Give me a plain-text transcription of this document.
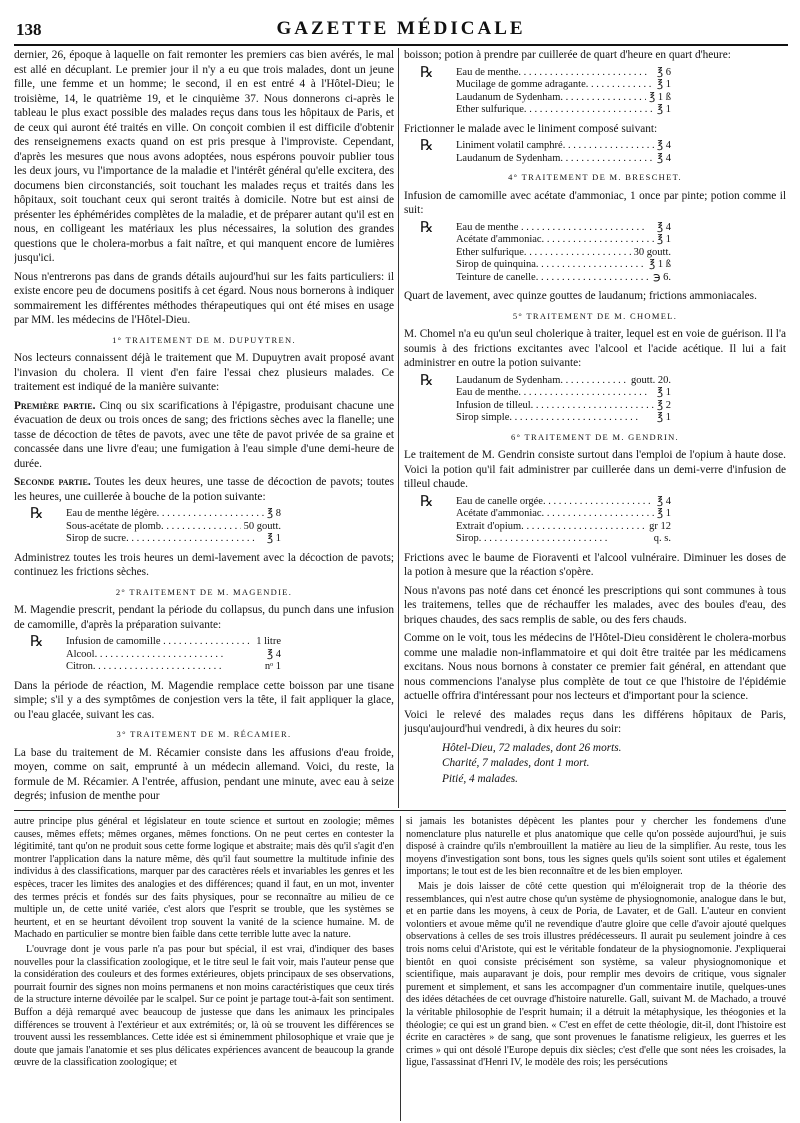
138	GAZETTE MÉDICALE

dernier, 26, époque à laquelle on fait remonter les premiers cas bien avérés, le mal est allé en décuplant. Le premier jour il n'y a eu que trois malades, dont un jeune fille, une femme et un homme; le second, il en est entré 4 à l'Hôtel-Dieu; le troisième, 14, le quatrième 19, et le cinquième 37. Nous donnerons ci-après le tableau le plus exact possible des malades reçus dans tous les hôpitaux de Paris, et de ceux qui auront été traités en ville. On conçoit combien il est difficile d'obtenir des renseignemens exacts quand on est pris presque à l'improviste. Cependant, d'après les mesures que nous avons adoptées, nous espérons pouvoir publier tous les deux jours, vu l'importance de la maladie et l'intérêt général qu'elle excitera, des documens bien circonstanciés, soit touchant les malades reçus et traités dans les hôpitaux, soit touchant ceux qui seront traités à domicile. Notre but est ainsi de présenter les éphémérides complètes de la maladie, et de préparer autant qu'il est en nous, en colligeant les matériaux les plus nécessaires, la solution des grandes questions que le cholera-morbus a fait naître, et qui manquent encore de lumières jusqu'ici.

Nous n'entrerons pas dans de grands détails aujourd'hui sur les faits particuliers: il existe encore peu de documens positifs à cet égard. Nous nous bornerons à indiquer sommairement les différentes méthodes thérapeutiques qui ont été mises en usage par MM. les médecins de l'Hôtel-Dieu.

1° TRAITEMENT DE M. DUPUYTREN.

Nos lecteurs connaissent déjà le traitement que M. Dupuytren avait proposé avant l'invasion du cholera. Il vient d'en faire l'essai chez plusieurs malades. Ce traitement est indiqué de la manière suivante:

Première partie. Cinq ou six scarifications à l'épigastre, produisant chacune une évacuation de deux ou trois onces de sang; des frictions sèches avec la flanelle; une tasse de décoction de têtes de pavots, avec une tête de pavot privée de sa graine et concassée dans une livre d'eau; une fumigation à l'eau simple d'une demi-heure de durée.

Seconde partie. Toutes les deux heures, une tasse de décoction de pavots; toutes les heures, une cuillerée à bouche de la potion suivante:

℞ Eau de menthe légère. . . .	℥ 8
Sous-acétate de plomb. . . .	50 goutt.
Sirop de sucre. . . .	℥ 1

Administrez toutes les trois heures un demi-lavement avec la décoction de pavots; continuez les frictions sèches.

2° TRAITEMENT DE M. MAGENDIE.

M. Magendie prescrit, pendant la période du collapsus, du punch dans une infusion de camomille, d'après la préparation suivante:

℞ Infusion de camomille . . .	1 litre
Alcool. . . .	℥ 4
Citron. . . .	nᵒ 1

Dans la période de réaction, M. Magendie remplace cette boisson par une tisane simple; s'il y a des symptômes de conjestion vers la tête, il fait appliquer la glace, ou l'eau glacée, suivant les cas.

3° TRAITEMENT DE M. RÉCAMIER.

La base du traitement de M. Récamier consiste dans les affusions d'eau froide, moyen, comme on sait, emprunté à un médecin allemand. Voici, du reste, la formule de M. Récamier. A l'entrée, affusion, pendant une minute, avec eau à seize degrés; infusion de menthe pour

boisson; potion à prendre par cuillerée de quart d'heure en quart d'heure:

℞ Eau de menthe. . . .	℥ 6
Mucilage de gomme adragante. . . .	℥ 1
Laudanum de Sydenham. . . .	℥ 1 ß
Éther sulfurique. . . .	℥ 1

Frictionner le malade avec le liniment composé suivant:

℞ Liniment volatil camphré. . . .	℥ 4
Laudanum de Sydenham. . . .	℥ 4
4° TRAITEMENT DE M. BRESCHET.

Infusion de camomille avec acétate d'ammoniac, 1 once par pinte; potion comme il suit:

℞ Eau de menthe . . .	℥ 4
Acétate d'ammoniac. . . .	℥ 1
Éther sulfurique. . . .	30 goutt.
Sirop de quinquina. . . .	℥ 1 ß
Teinture de canelle. . . .	℈ 6.

Quart de lavement, avec quinze gouttes de laudanum; frictions ammoniacales.

5° TRAITEMENT DE M. CHOMEL.

M. Chomel n'a eu qu'un seul cholerique à traiter, lequel est en voie de guérison. Il l'a soumis à des frictions excitantes avec l'alcool et l'acide acétique. Il lui a fait administrer en outre la potion suivante:

℞ Laudanum de Sydenham. . . .	goutt. 20.
Eau de menthe. . . .	℥ 1
Infusion de tilleul. . . .	℥ 2
Sirop simple. . . .	℥ 1
6° TRAITEMENT DE M. GENDRIN.

Le traitement de M. Gendrin consiste surtout dans l'emploi de l'opium à haute dose. Voici la potion qu'il fait administrer par cuillerée dans un demi-verre d'infusion de tilleul chaude.

℞ Eau de canelle orgée. . . .	℥ 4
Acétate d'ammoniac. . . .	℥ 1
Extrait d'opium. . . .	gr 12
Sirop. . . .	q. s.

Frictions avec le baume de Fioraventi et l'alcool vulnéraire. Diminuer les doses de la potion à mesure que la réaction s'opère.

Nous n'avons pas noté dans cet énoncé les prescriptions qui sont communes à tous les traitemens, telles que de réchauffer les malades, avec des boules d'eau, des briques chaudes, des sacs remplis de sable, ou des fers chauds.

Comme on le voit, tous les médecins de l'Hôtel-Dieu considèrent le cholera-morbus comme une maladie non-inflammatoire et qui doit être traitée par les médicamens excitans. Nous nous bornons à constater ce premier fait général, en attendant que nous commencions l'analyse plus complète de tout ce que l'histoire de l'épidémie actuelle offrira d'intéressant pour nos lecteurs et d'important pour la science.

Voici le relevé des malades reçus dans les différens hôpitaux de Paris, jusqu'aujourd'hui vendredi, à dix heures du soir:

Hôtel-Dieu, 72 malades, dont 26 morts.
Charité, 7 malades, dont 1 mort.
Pitié, 4 malades.

autre principe plus général et législateur en toute science et surtout en zoologie; mêmes causes, mêmes effets; mêmes organes, mêmes fonctions. On ne peut certes en contester la légitimité, tant qu'on ne produit sous cette forme logique et abstraite; mais dès qu'il s'agit d'en montrer l'application dans la nature même, dès qu'il faut soumettre la multitude infinie des individus à des classifications, marquer par des caractères réels et invariables les genres et les espèces, tracer les limites des analogies et des différences; quand il faut, en un mot, inventer des termes précis et fondés sur des faits physiques, pour se reconnaître au milieu de ce multiple un, de cette unité variée, c'est alors que l'esprit se trouble, que les systèmes se heurtent, et en se heurtant dévoilent trop souvent la vanité de la science humaine. M. de Machado en particulier se montre bien faible dans cette terrible lutte avec la nature.

L'ouvrage dont je vous parle n'a pas pour but spécial, il est vrai, d'indiquer des bases nouvelles pour la classification zoologique, et le titre seul le fait voir, mais l'auteur pense que la considération des couleurs et des formes extérieures, objets principaux de ses observations, pourrait fournir des signes non moins permanens et non moins caractéristiques que ceux tirés de la structure interne dévoilée par le scalpel. Sur ce point je partage tout-à-fait son sentiment. Buffon a déjà remarqué avec beaucoup de justesse que dans les animaux les principales différences se trouvent à l'extérieur et aux extrémités; or, là où se trouvent les différences se trouvent aussi les ressemblances. Cette idée est si éminemment philosophique et vraie que je doute que jamais l'anatomie et ses plus délicates expériences avancent de beaucoup la grande œuvre de la classification zoologique; et

si jamais les botanistes dépècent les plantes pour y chercher les fondemens d'une nomenclature plus naturelle et plus anatomique que celle qu'on possède aujourd'hui, je suis disposé à craindre qu'ils n'embrouillent la matière au lieu de la simplifier. Au reste, tous les moyens d'investigation sont bons, tous les signes quels qu'ils soient sont utiles et également importans; le tout est de les bien reconnaître et de les bien employer.

Mais je dois laisser de côté cette question qui m'éloignerait trop de la théorie des ressemblances, qui n'est autre chose qu'un système de physiognomonie, analogue dans le but, et en partie dans les moyens, à ceux de Poria, de Lavater, et de Gall. L'auteur en convient volontiers et avoue même qu'il ne revendique d'autre gloire que celle d'avoir ajouté quelques observations à celles de ses trois illustres prédécesseurs. Il aurait pu seulement joindre à ces trois noms celui d'Aristote, qui est le véritable fondateur de la physiognomonie. J'expliquerai bientôt en quoi consiste précisément son système, sa valeur physiognomonique et scientifique, mais auparavant je dois, pour remplir mes devoirs de critique, vous signaler purement et simplement, et sans les accompagner d'un commentaire inutile, quelques-unes des idées détachées de cet ouvrage d'histoire naturelle. Gall, suivant M. de Machado, a trouvé la véritable philosophie de l'esprit humain; il a détruit la métaphysique, les théogonies et la théologie; ce qui est un grand bien. « C'est en effet de cette théologie, dit-il, dont l'histoire est écrite en caractères » de sang, que sont provenues le fanatisme religieux, les guerres et les crimes » qui ont désolé l'Europe depuis dix siècles; c'est d'elle que sont nées les croisades, la ligue, l'assassinat d'Henri IV, le modèle des rois; les persécutions
